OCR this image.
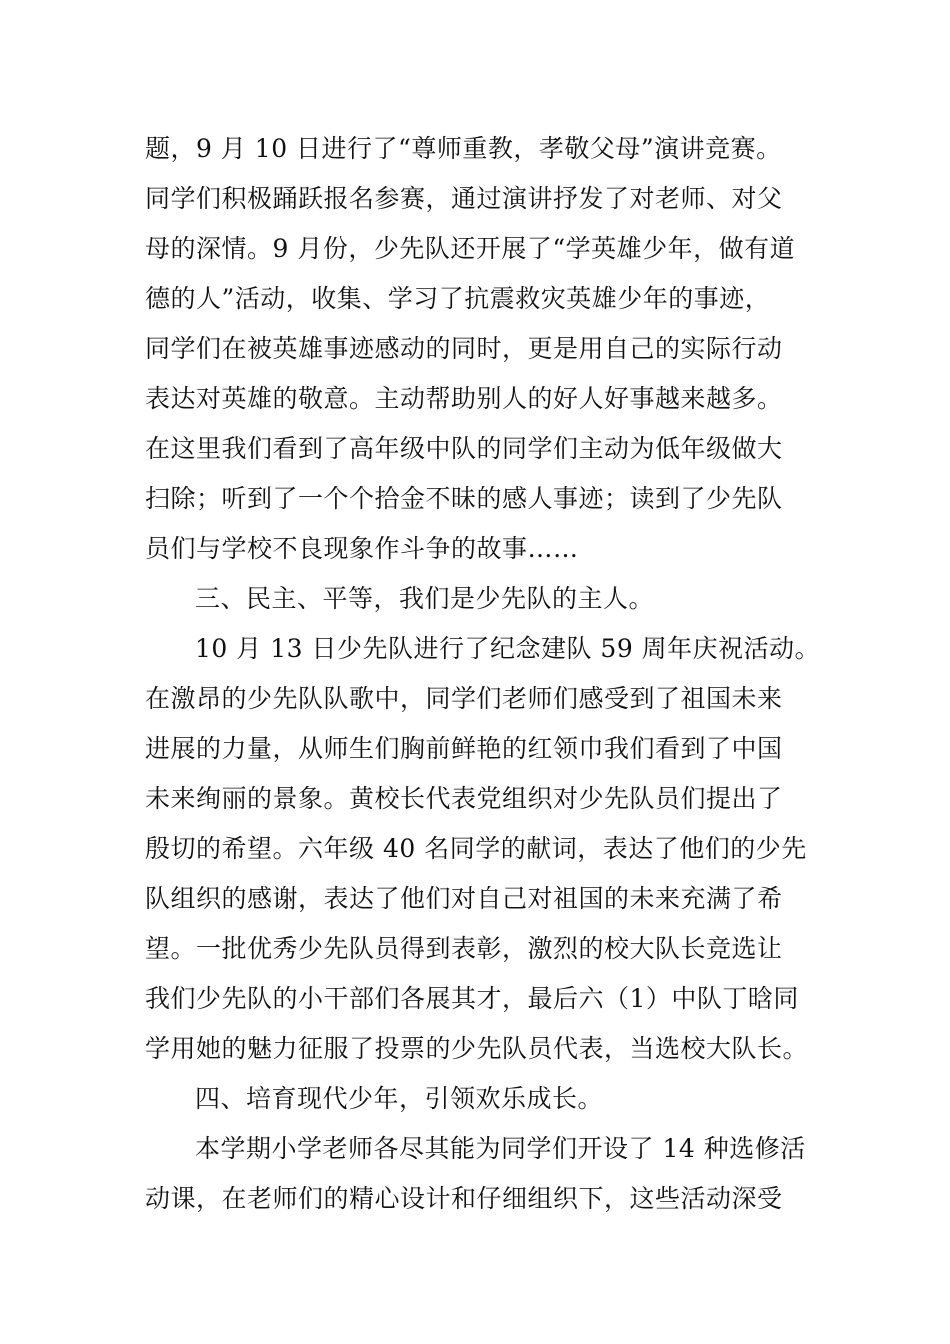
题，9 月 10 日进行了“尊师重教，孝敬父母”演讲竞赛。
同学们积极踊跃报名参赛，通过演讲抒发了对老师、对父
母的深情。9 月份，少先队还开展了“学英雄少年，做有道
德的人”活动，收集、学习了抗震救灾英雄少年的事迹，
同学们在被英雄事迹感动的同时，更是用自己的实际行动
表达对英雄的敬意。主动帮助别人的好人好事越来越多。
在这里我们看到了高年级中队的同学们主动为低年级做大
扫除；听到了一个个拾金不昧的感人事迹；读到了少先队
员们与学校不良现象作斗争的故事……
三、民主、平等，我们是少先队的主人。
10 月 13 日少先队进行了纪念建队 59 周年庆祝活动。
在激昂的少先队队歌中，同学们老师们感受到了祖国未来
进展的力量，从师生们胸前鲜艳的红领巾我们看到了中国
未来绚丽的景象。黄校长代表党组织对少先队员们提出了
殷切的希望。六年级 40 名同学的献词，表达了他们的少先
队组织的感谢，表达了他们对自己对祖国的未来充满了希
望。一批优秀少先队员得到表彰，激烈的校大队长竞选让
我们少先队的小干部们各展其才，最后六（1）中队丁晗同
学用她的魅力征服了投票的少先队员代表，当选校大队长。
四、培育现代少年，引领欢乐成长。
本学期小学老师各尽其能为同学们开设了 14 种选修活
动课，在老师们的精心设计和仔细组织下，这些活动深受
